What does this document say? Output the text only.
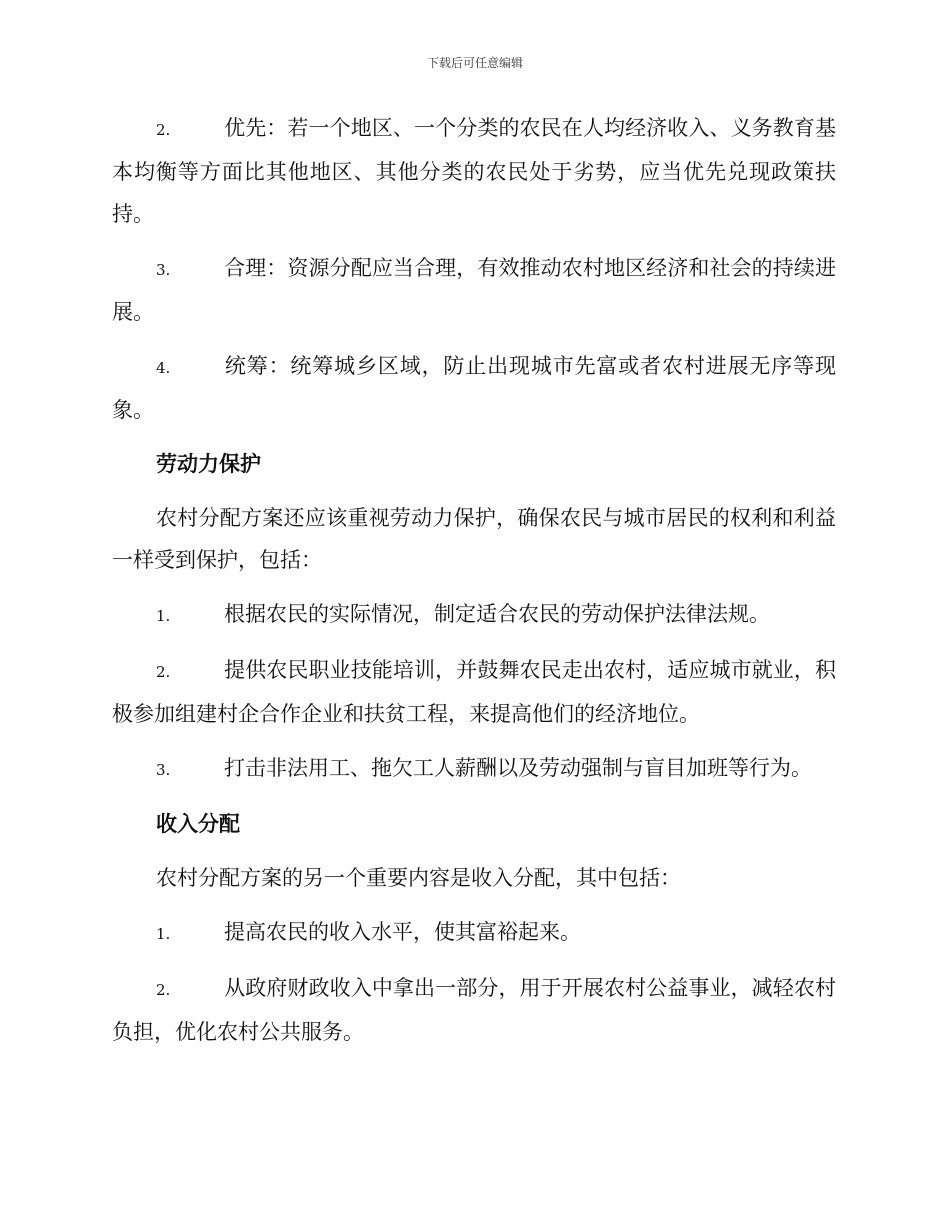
下载后可任意编辑

2.	优先：若一个地区、一个分类的农民在人均经济收入、义务教育基本均衡等方面比其他地区、其他分类的农民处于劣势，应当优先兑现政策扶持。

3.	合理：资源分配应当合理，有效推动农村地区经济和社会的持续进展。

4.	统筹：统筹城乡区域，防止出现城市先富或者农村进展无序等现象。

劳动力保护

农村分配方案还应该重视劳动力保护，确保农民与城市居民的权利和利益一样受到保护，包括：

1.	根据农民的实际情况，制定适合农民的劳动保护法律法规。

2.	提供农民职业技能培训，并鼓舞农民走出农村，适应城市就业，积极参加组建村企合作企业和扶贫工程，来提高他们的经济地位。

3.	打击非法用工、拖欠工人薪酬以及劳动强制与盲目加班等行为。

收入分配

农村分配方案的另一个重要内容是收入分配，其中包括：

1.	提高农民的收入水平，使其富裕起来。

2.	从政府财政收入中拿出一部分，用于开展农村公益事业，减轻农村负担，优化农村公共服务。
